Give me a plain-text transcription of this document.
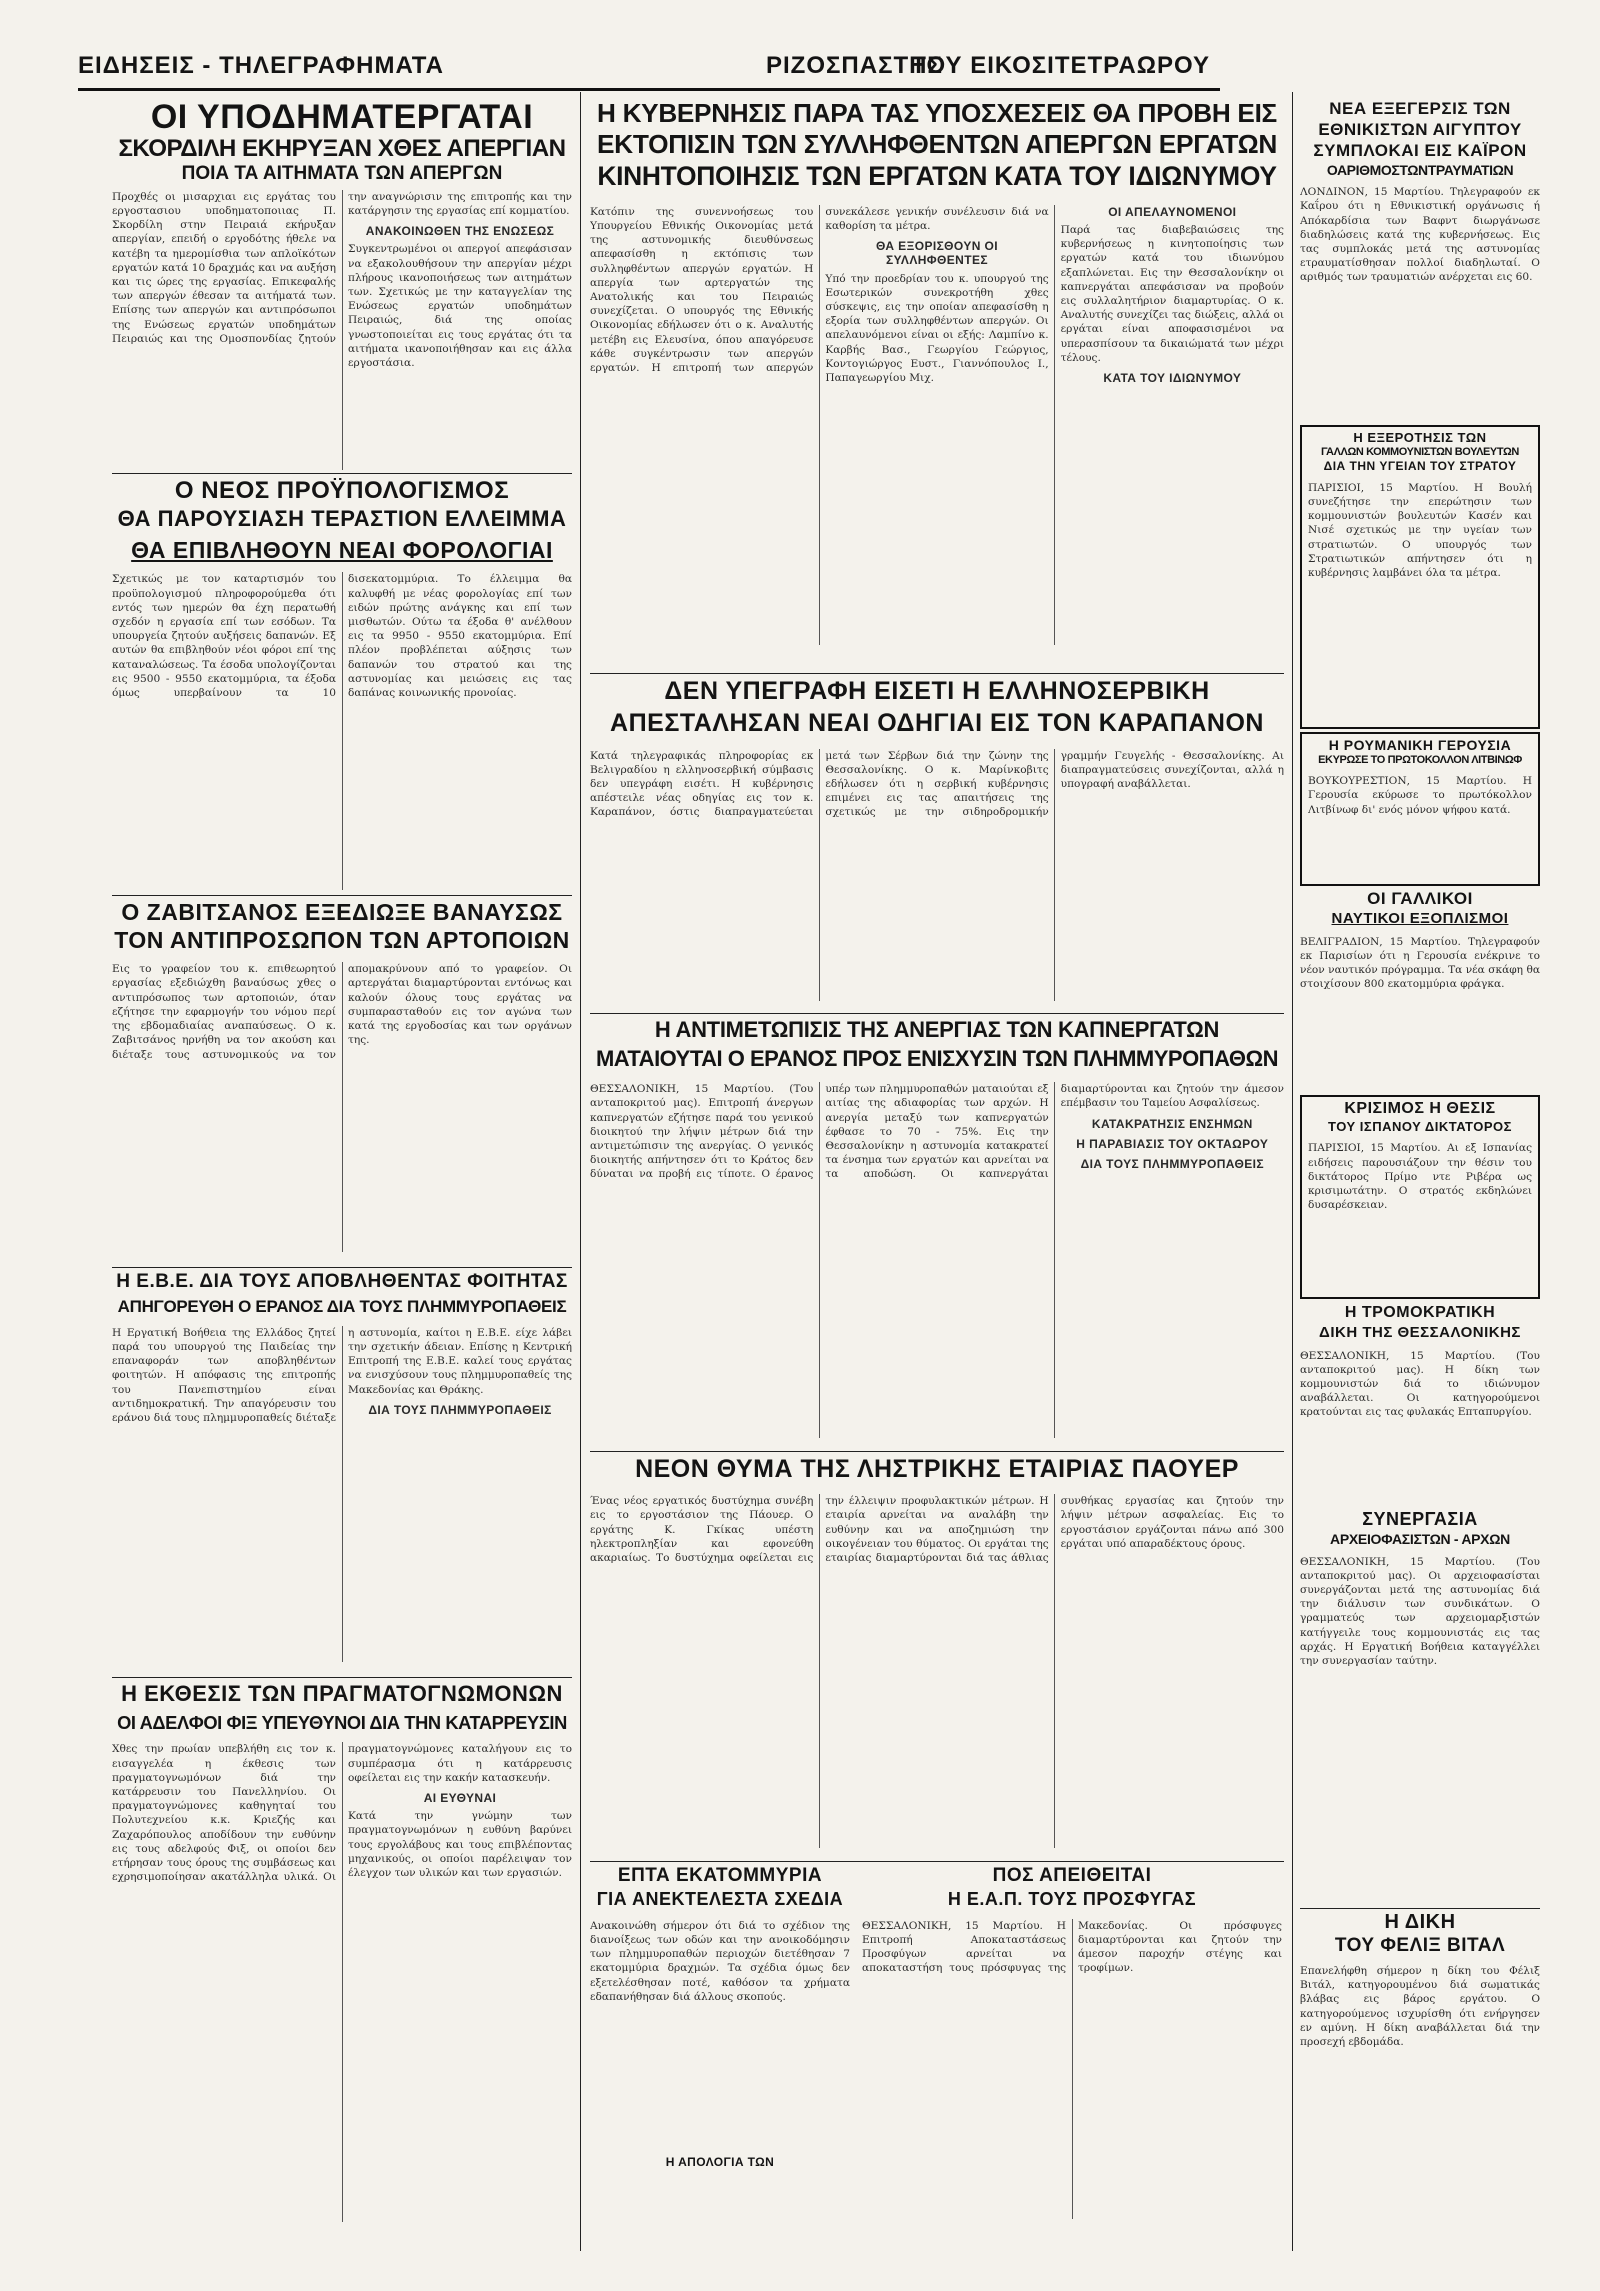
ΕΙΔΗΣΕΙΣ - ΤΗΛΕΓΡΑΦΗΜΑΤΑ	ΡΙΖΟΣΠΑΣΤΗΣ
ΤΟΥ ΕΙΚΟΣΙΤΕΤΡΑΩΡΟΥ
ΟΙ ΥΠΟΔΗΜΑΤΕΡΓΑΤΑΙ
ΣΚΟΡΔΙΛΗ ΕΚΗΡΥΞΑΝ ΧΘΕΣ ΑΠΕΡΓΙΑΝ
ΠΟΙΑ ΤΑ ΑΙΤΗΜΑΤΑ ΤΩΝ ΑΠΕΡΓΩΝ
Προχθές οι μισαρχιαι εις εργάτας του εργοστασιου υποδηματοποιιας Π. Σκορδίλη στην Πειραιά εκήρυξαν απεργίαν, επειδή ο εργοδότης ήθελε να κατέβη τα ημερομίσθια των απλοϊκότων εργατών κατά 10 δραχμάς και να αυξήση και τις ώρες της εργασίας. Επικεφαλής των απεργών έθεσαν τα αιτήματά των. Επίσης των απεργών και αντιπρόσωποι της Ενώσεως εργατών υποδημάτων Πειραιώς και της Ομοσπονδίας ζητούν την αναγνώρισιν της επιτροπής και την κατάργησιν της εργασίας επί κομματίου.
ΑΝΑΚΟΙΝΩΘΕΝ ΤΗΣ ΕΝΩΣΕΩΣ
Συγκεντρωμένοι οι απεργοί απεφάσισαν να εξακολουθήσουν την απεργίαν μέχρι πλήρους ικανοποιήσεως των αιτημάτων των. Σχετικώς με την καταγγελίαν της Ενώσεως εργατών υποδημάτων Πειραιώς, διά της οποίας γνωστοποιείται εις τους εργάτας ότι τα αιτήματα ικανοποιήθησαν και εις άλλα εργοστάσια.
Ο ΝΕΟΣ ΠΡΟΫΠΟΛΟΓΙΣΜΟΣ
ΘΑ ΠΑΡΟΥΣΙΑΣΗ ΤΕΡΑΣΤΙΟΝ ΕΛΛΕΙΜΜΑ
ΘΑ ΕΠΙΒΛΗΘΟΥΝ ΝΕΑΙ ΦΟΡΟΛΟΓΙΑΙ
Σχετικώς με τον καταρτισμόν του προϋπολογισμού πληροφορούμεθα ότι εντός των ημερών θα έχη περατωθή σχεδόν η εργασία επί των εσόδων. Τα υπουργεία ζητούν αυξήσεις δαπανών. Εξ αυτών θα επιβληθούν νέοι φόροι επί της καταναλώσεως. Τα έσοδα υπολογίζονται εις 9500 - 9550 εκατομμύρια, τα έξοδα όμως υπερβαίνουν τα 10 δισεκατομμύρια. Το έλλειμμα θα καλυφθή με νέας φορολογίας επί των ειδών πρώτης ανάγκης και επί των μισθωτών. Ούτω τα έξοδα θ' ανέλθουν εις τα 9950 - 9550 εκατομμύρια. Επί πλέον προβλέπεται αύξησις των δαπανών του στρατού και της αστυνομίας και μειώσεις εις τας δαπάνας κοινωνικής προνοίας.
Ο ΖΑΒΙΤΣΑΝΟΣ ΕΞΕΔΙΩΞΕ ΒΑΝΑΥΣΩΣ
ΤΟΝ ΑΝΤΙΠΡΟΣΩΠΟΝ ΤΩΝ ΑΡΤΟΠΟΙΩΝ
Εις το γραφείον του κ. επιθεωρητού εργασίας εξεδιώχθη βαναύσως χθες ο αντιπρόσωπος των αρτοποιών, όταν εζήτησε την εφαρμογήν του νόμου περί της εβδομαδιαίας αναπαύσεως. Ο κ. Ζαβιτσάνος ηρνήθη να τον ακούση και διέταξε τους αστυνομικούς να τον απομακρύνουν από το γραφείον. Οι αρτεργάται διαμαρτύρονται εντόνως και καλούν όλους τους εργάτας να συμπαρασταθούν εις τον αγώνα των κατά της εργοδοσίας και των οργάνων της.
Η Ε.Β.Ε. ΔΙΑ ΤΟΥΣ ΑΠΟΒΛΗΘΕΝΤΑΣ ΦΟΙΤΗΤΑΣ
ΑΠΗΓΟΡΕΥΘΗ Ο ΕΡΑΝΟΣ ΔΙΑ ΤΟΥΣ ΠΛΗΜΜΥΡΟΠΑΘΕΙΣ
Η Εργατική Βοήθεια της Ελλάδος ζητεί παρά του υπουργού της Παιδείας την επαναφοράν των αποβληθέντων φοιτητών. Η απόφασις της επιτροπής του Πανεπιστημίου είναι αντιδημοκρατική. Την απαγόρευσιν του εράνου διά τους πλημμυροπαθείς διέταξε η αστυνομία, καίτοι η Ε.Β.Ε. είχε λάβει την σχετικήν άδειαν. Επίσης η Κεντρική Επιτροπή της Ε.Β.Ε. καλεί τους εργάτας να ενισχύσουν τους πλημμυροπαθείς της Μακεδονίας και Θράκης.
ΔΙΑ ΤΟΥΣ ΠΛΗΜΜΥΡΟΠΑΘΕΙΣ
Η ΕΚΘΕΣΙΣ ΤΩΝ ΠΡΑΓΜΑΤΟΓΝΩΜΟΝΩΝ
ΟΙ ΑΔΕΛΦΟΙ ΦΙΞ ΥΠΕΥΘΥΝΟΙ ΔΙΑ ΤΗΝ ΚΑΤΑΡΡΕΥΣΙΝ
Χθες την πρωίαν υπεβλήθη εις τον κ. εισαγγελέα η έκθεσις των πραγματογνωμόνων διά την κατάρρευσιν του Πανελληνίου. Οι πραγματογνώμονες καθηγηταί του Πολυτεχνείου κ.κ. Κριεζής και Ζαχαρόπουλος αποδίδουν την ευθύνην εις τους αδελφούς Φιξ, οι οποίοι δεν ετήρησαν τους όρους της συμβάσεως και εχρησιμοποίησαν ακατάλληλα υλικά. Οι πραγματογνώμονες καταλήγουν εις το συμπέρασμα ότι η κατάρρευσις οφείλεται εις την κακήν κατασκευήν.
ΑΙ ΕΥΘΥΝΑΙ
Κατά την γνώμην των πραγματογνωμόνων η ευθύνη βαρύνει τους εργολάβους και τους επιβλέποντας μηχανικούς, οι οποίοι παρέλειψαν τον έλεγχον των υλικών και των εργασιών.
Η ΚΥΒΕΡΝΗΣΙΣ ΠΑΡΑ ΤΑΣ ΥΠΟΣΧΕΣΕΙΣ ΘΑ ΠΡΟΒΗ ΕΙΣ
ΕΚΤΟΠΙΣΙΝ ΤΩΝ ΣΥΛΛΗΦΘΕΝΤΩΝ ΑΠΕΡΓΩΝ ΕΡΓΑΤΩΝ
ΚΙΝΗΤΟΠΟΙΗΣΙΣ ΤΩΝ ΕΡΓΑΤΩΝ ΚΑΤΑ ΤΟΥ ΙΔΙΩΝΥΜΟΥ
Κατόπιν της συνεννοήσεως του Υπουργείου Εθνικής Οικονομίας μετά της αστυνομικής διευθύνσεως απεφασίσθη η εκτόπισις των συλληφθέντων απεργών εργατών. Η απεργία των αρτεργατών της Ανατολικής και του Πειραιώς συνεχίζεται. Ο υπουργός της Εθνικής Οικονομίας εδήλωσεν ότι ο κ. Αναλυτής μετέβη εις Ελευσίνα, όπου απαγόρευσε κάθε συγκέντρωσιν των απεργών εργατών. Η επιτροπή των απεργών συνεκάλεσε γενικήν συνέλευσιν διά να καθορίση τα μέτρα.
ΘΑ ΕΞΟΡΙΣΘΟΥΝ ΟΙ ΣΥΛΛΗΦΘΕΝΤΕΣ
Υπό την προεδρίαν του κ. υπουργού της Εσωτερικών συνεκροτήθη χθες σύσκεψις, εις την οποίαν απεφασίσθη η εξορία των συλληφθέντων απεργών. Οι απελαυνόμενοι είναι οι εξής: Λαμπίνο κ. Καρβής Βασ., Γεωργίου Γεώργιος, Κοντογιώργος Ευστ., Γιαννόπουλος Ι., Παπαγεωργίου Μιχ.
ΟΙ ΑΠΕΛΑΥΝΟΜΕΝΟΙ
Παρά τας διαβεβαιώσεις της κυβερνήσεως η κινητοποίησις των εργατών κατά του ιδιωνύμου εξαπλώνεται. Εις την Θεσσαλονίκην οι καπνεργάται απεφάσισαν να προβούν εις συλλαλητήριον διαμαρτυρίας. Ο κ. Αναλυτής συνεχίζει τας διώξεις, αλλά οι εργάται είναι αποφασισμένοι να υπερασπίσουν τα δικαιώματά των μέχρι τέλους.
ΚΑΤΑ ΤΟΥ ΙΔΙΩΝΥΜΟΥ
ΔΕΝ ΥΠΕΓΡΑΦΗ ΕΙΣΕΤΙ Η ΕΛΛΗΝΟΣΕΡΒΙΚΗ
ΑΠΕΣΤΑΛΗΣΑΝ ΝΕΑΙ ΟΔΗΓΙΑΙ ΕΙΣ ΤΟΝ ΚΑΡΑΠΑΝΟΝ
Κατά τηλεγραφικάς πληροφορίας εκ Βελιγραδίου η ελληνοσερβική σύμβασις δεν υπεγράφη εισέτι. Η κυβέρνησις απέστειλε νέας οδηγίας εις τον κ. Καραπάνον, όστις διαπραγματεύεται μετά των Σέρβων διά την ζώνην της Θεσσαλονίκης. Ο κ. Μαρίνκοβιτς εδήλωσεν ότι η σερβική κυβέρνησις επιμένει εις τας απαιτήσεις της σχετικώς με την σιδηροδρομικήν γραμμήν Γευγελής - Θεσσαλονίκης. Αι διαπραγματεύσεις συνεχίζονται, αλλά η υπογραφή αναβάλλεται.
Η ΑΝΤΙΜΕΤΩΠΙΣΙΣ ΤΗΣ ΑΝΕΡΓΙΑΣ ΤΩΝ ΚΑΠΝΕΡΓΑΤΩΝ
ΜΑΤΑΙΟΥΤΑΙ Ο ΕΡΑΝΟΣ ΠΡΟΣ ΕΝΙΣΧΥΣΙΝ ΤΩΝ ΠΛΗΜΜΥΡΟΠΑΘΩΝ
ΘΕΣΣΑΛΟΝΙΚΗ, 15 Μαρτίου. (Του ανταποκριτού μας). Επιτροπή άνεργων καπνεργατών εζήτησε παρά του γενικού διοικητού την λήψιν μέτρων διά την αντιμετώπισιν της ανεργίας. Ο γενικός διοικητής απήντησεν ότι το Κράτος δεν δύναται να προβή εις τίποτε. Ο έρανος υπέρ των πλημμυροπαθών ματαιούται εξ αιτίας της αδιαφορίας των αρχών. Η ανεργία μεταξύ των καπνεργατών έφθασε το 70 - 75%. Εις την Θεσσαλονίκην η αστυνομία κατακρατεί τα ένσημα των εργατών και αρνείται να τα αποδώση. Οι καπνεργάται διαμαρτύρονται και ζητούν την άμεσον επέμβασιν του Ταμείου Ασφαλίσεως.
ΚΑΤΑΚΡΑΤΗΣΙΣ ΕΝΣΗΜΩΝ
Η ΠΑΡΑΒΙΑΣΙΣ ΤΟΥ ΟΚΤΑΩΡΟΥ
ΔΙΑ ΤΟΥΣ ΠΛΗΜΜΥΡΟΠΑΘΕΙΣ
ΝΕΟΝ ΘΥΜΑ ΤΗΣ ΛΗΣΤΡΙΚΗΣ ΕΤΑΙΡΙΑΣ ΠΑΟΥΕΡ
Ένας νέος εργατικός δυστύχημα συνέβη εις το εργοστάσιον της Πάουερ. Ο εργάτης Κ. Γκίκας υπέστη ηλεκτροπληξίαν και εφονεύθη ακαριαίως. Το δυστύχημα οφείλεται εις την έλλειψιν προφυλακτικών μέτρων. Η εταιρία αρνείται να αναλάβη την ευθύνην και να αποζημιώση την οικογένειαν του θύματος. Οι εργάται της εταιρίας διαμαρτύρονται διά τας άθλιας συνθήκας εργασίας και ζητούν την λήψιν μέτρων ασφαλείας. Εις το εργοστάσιον εργάζονται πάνω από 300 εργάται υπό απαραδέκτους όρους.
ΕΠΤΑ ΕΚΑΤΟΜΜΥΡΙΑ
ΓΙΑ ΑΝΕΚΤΕΛΕΣΤΑ ΣΧΕΔΙΑ
Ανακοινώθη σήμερον ότι διά το σχέδιον της διανοίξεως των οδών και την ανοικοδόμησιν των πλημμυροπαθών περιοχών διετέθησαν 7 εκατομμύρια δραχμών. Τα σχέδια όμως δεν εξετελέσθησαν ποτέ, καθόσον τα χρήματα εδαπανήθησαν διά άλλους σκοπούς.
Η ΑΠΟΛΟΓΙΑ ΤΩΝ
ΠΟΣ ΑΠΕΙΘΕΙΤΑΙ
Η Ε.Α.Π. ΤΟΥΣ ΠΡΟΣΦΥΓΑΣ
ΘΕΣΣΑΛΟΝΙΚΗ, 15 Μαρτίου. Η Επιτροπή Αποκαταστάσεως Προσφύγων αρνείται να αποκαταστήση τους πρόσφυγας της Μακεδονίας. Οι πρόσφυγες διαμαρτύρονται και ζητούν την άμεσον παροχήν στέγης και τροφίμων.
ΝΕΑ ΕΞΕΓΕΡΣΙΣ ΤΩΝ
ΕΘΝΙΚΙΣΤΩΝ ΑΙΓΥΠΤΟΥ
ΣΥΜΠΛΟΚΑΙ ΕΙΣ ΚΑΪΡΟΝ
ΟΑΡΙΘΜΟΣΤΩΝΤΡΑΥΜΑΤΙΩΝ
ΛΟΝΔΙΝΟΝ, 15 Μαρτίου. Τηλεγραφούν εκ Καΐρου ότι η Εθνικιστική οργάνωσις ή Απόκαρδίσια των Βαφντ διωργάνωσε διαδηλώσεις κατά της κυβερνήσεως. Εις τας συμπλοκάς μετά της αστυνομίας ετραυματίσθησαν πολλοί διαδηλωταί. Ο αριθμός των τραυματιών ανέρχεται εις 60.
Η ΕΞΕΡΟΤΗΣΙΣ ΤΩΝ
ΓΑΛΛΩΝ ΚΟΜΜΟΥΝΙΣΤΩΝ ΒΟΥΛΕΥΤΩΝ
ΔΙΑ ΤΗΝ ΥΓΕΙΑΝ ΤΟΥ ΣΤΡΑΤΟΥ
ΠΑΡΙΣΙΟΙ, 15 Μαρτίου. Η Βουλή συνεζήτησε την επερώτησιν των κομμουνιστών βουλευτών Κασέν και Νισέ σχετικώς με την υγείαν των στρατιωτών. Ο υπουργός των Στρατιωτικών απήντησεν ότι η κυβέρνησις λαμβάνει όλα τα μέτρα.
Η ΡΟΥΜΑΝΙΚΗ ΓΕΡΟΥΣΙΑ
ΕΚΥΡΩΣΕ ΤΟ ΠΡΩΤΟΚΟΛΛΟΝ ΛΙΤΒΙΝΩΦ
ΒΟΥΚΟΥΡΕΣΤΙΟΝ, 15 Μαρτίου. Η Γερουσία εκύρωσε το πρωτόκολλον Λιτβίνωφ δι' ενός μόνον ψήφου κατά.
ΟΙ ΓΑΛΛΙΚΟΙ
ΝΑΥΤΙΚΟΙ ΕΞΟΠΛΙΣΜΟΙ
ΒΕΛΙΓΡΑΔΙΟΝ, 15 Μαρτίου. Τηλεγραφούν εκ Παρισίων ότι η Γερουσία ενέκρινε το νέον ναυτικόν πρόγραμμα. Τα νέα σκάφη θα στοιχίσουν 800 εκατομμύρια φράγκα.
ΚΡΙΣΙΜΟΣ Η ΘΕΣΙΣ
ΤΟΥ ΙΣΠΑΝΟΥ ΔΙΚΤΑΤΟΡΟΣ
ΠΑΡΙΣΙΟΙ, 15 Μαρτίου. Αι εξ Ισπανίας ειδήσεις παρουσιάζουν την θέσιν του δικτάτορος Πρίμο ντε Ριβέρα ως κρισιμωτάτην. Ο στρατός εκδηλώνει δυσαρέσκειαν.
Η ΤΡΟΜΟΚΡΑΤΙΚΗ
ΔΙΚΗ ΤΗΣ ΘΕΣΣΑΛΟΝΙΚΗΣ
ΘΕΣΣΑΛΟΝΙΚΗ, 15 Μαρτίου. (Του ανταποκριτού μας). Η δίκη των κομμουνιστών διά το ιδιώνυμον αναβάλλεται. Οι κατηγορούμενοι κρατούνται εις τας φυλακάς Επταπυργίου.
ΣΥΝΕΡΓΑΣΙΑ
ΑΡΧΕΙΟΦΑΣΙΣΤΩΝ - ΑΡΧΩΝ
ΘΕΣΣΑΛΟΝΙΚΗ, 15 Μαρτίου. (Του ανταποκριτού μας). Οι αρχειοφασίσται συνεργάζονται μετά της αστυνομίας διά την διάλυσιν των συνδικάτων. Ο γραμματεύς των αρχειομαρξιστών κατήγγειλε τους κομμουνιστάς εις τας αρχάς. Η Εργατική Βοήθεια καταγγέλλει την συνεργασίαν ταύτην.
Η ΔΙΚΗ
ΤΟΥ ΦΕΛΙΞ ΒΙΤΑΛ
Επανελήφθη σήμερον η δίκη του Φέλιξ Βιτάλ, κατηγορουμένου διά σωματικάς βλάβας εις βάρος εργάτου. Ο κατηγορούμενος ισχυρίσθη ότι ενήργησεν εν αμύνη. Η δίκη αναβάλλεται διά την προσεχή εβδομάδα.
